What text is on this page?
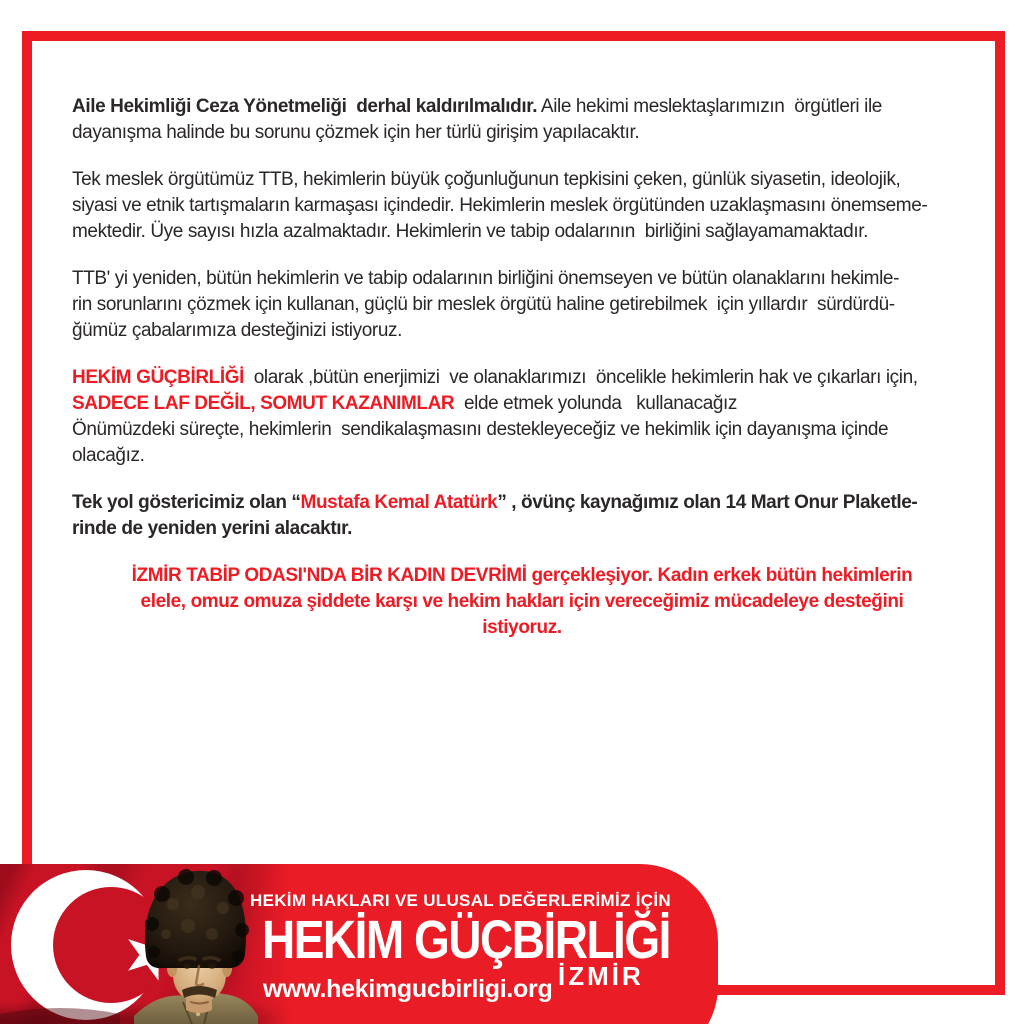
Aile Hekimliği Ceza Yönetmeliği  derhal kaldırılmalıdır. Aile hekimi meslektaşlarımızın  örgütleri ile
dayanışma halinde bu sorunu çözmek için her türlü girişim yapılacaktır.
Tek meslek örgütümüz TTB, hekimlerin büyük çoğunluğunun tepkisini çeken, günlük siyasetin, ideolojik,
siyasi ve etnik tartışmaların karmaşası içindedir. Hekimlerin meslek örgütünden uzaklaşmasını önemseme-
mektedir. Üye sayısı hızla azalmaktadır. Hekimlerin ve tabip odalarının  birliğini sağlayamamaktadır.
TTB' yi yeniden, bütün hekimlerin ve tabip odalarının birliğini önemseyen ve bütün olanaklarını hekimle-
rin sorunlarını çözmek için kullanan, güçlü bir meslek örgütü haline getirebilmek  için yıllardır  sürdürdü-
ğümüz çabalarımıza desteğinizi istiyoruz.
HEKİM GÜÇBİRLİĞİ  olarak ,bütün enerjimizi  ve olanaklarımızı  öncelikle hekimlerin hak ve çıkarları için,
SADECE LAF DEĞİL, SOMUT KAZANIMLAR  elde etmek yolunda   kullanacağız
Önümüzdeki süreçte, hekimlerin  sendikalaşmasını destekleyeceğiz ve hekimlik için dayanışma içinde
olacağız.
Tek yol göstericimiz olan “Mustafa Kemal Atatürk” , övünç kaynağımız olan 14 Mart Onur Plaketle-
rinde de yeniden yerini alacaktır.
İZMİR TABİP ODASI'NDA BİR KADIN DEVRİMİ gerçekleşiyor. Kadın erkek bütün hekimlerin
elele, omuz omuza şiddete karşı ve hekim hakları için vereceğimiz mücadeleye desteğini
istiyoruz.
HEKİM HAKLARI VE ULUSAL DEĞERLERİMİZ İÇİN
HEKİM GÜÇBİRLİĞİ
İZMİR
www.hekimgucbirligi.org
